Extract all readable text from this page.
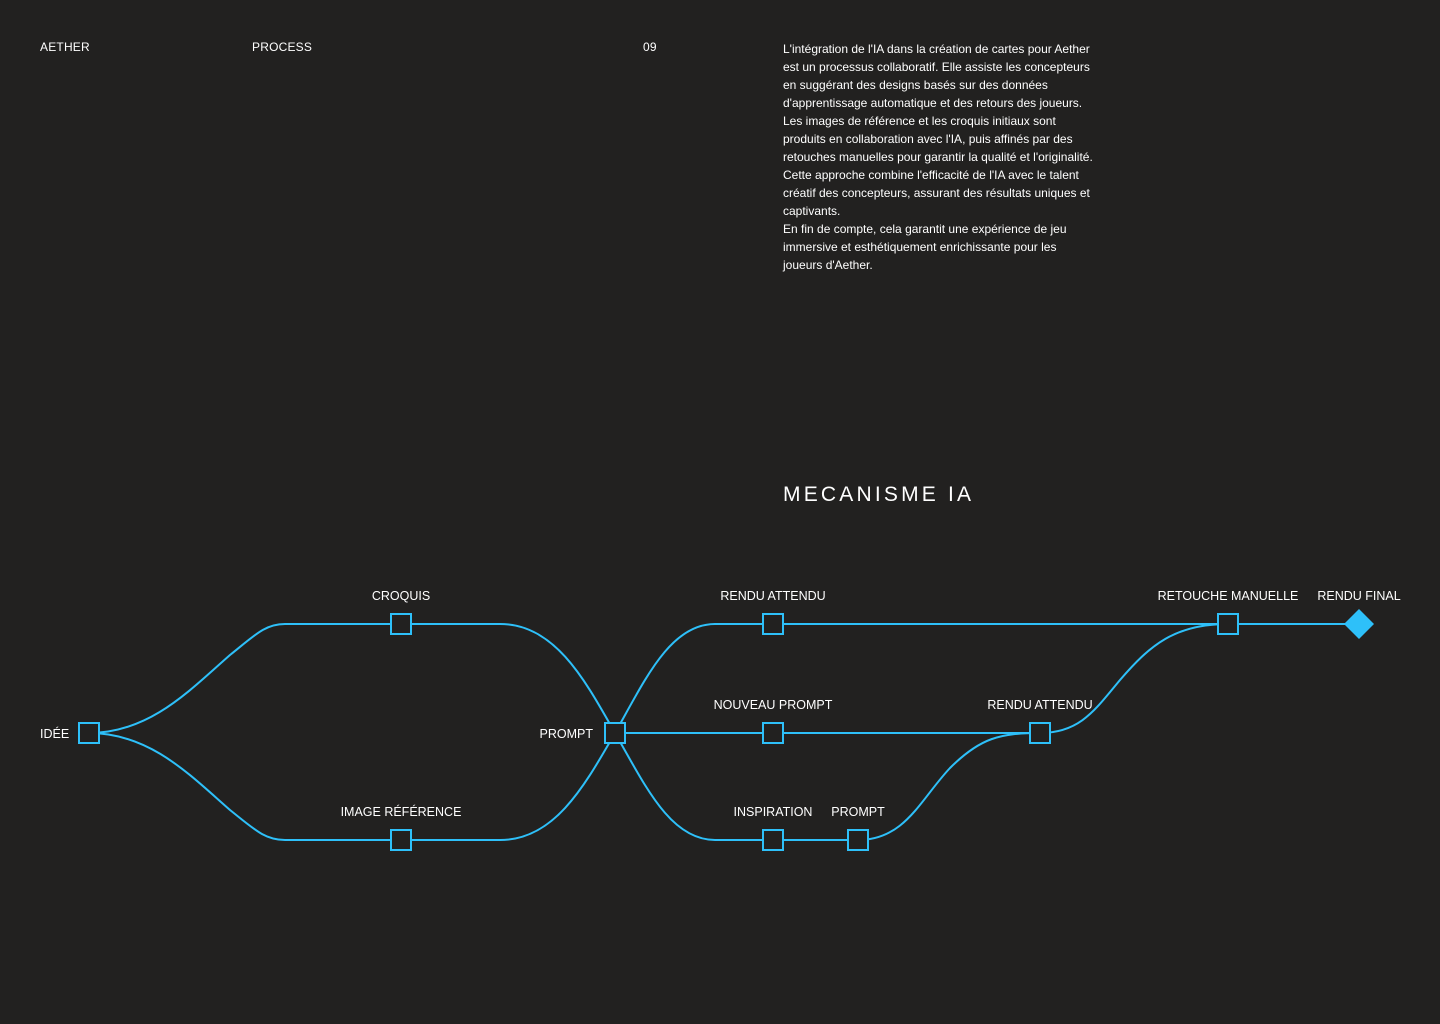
AETHER	PROCESS	09	L'intégration de l'IA dans la création de cartes pour Aether est un processus collaboratif. Elle assiste les concepteurs en suggérant des designs basés sur des données d'apprentissage automatique et des retours des joueurs.

Les images de référence et les croquis initiaux sont produits en collaboration avec l'IA, puis affinés par des retouches manuelles pour garantir la qualité et l'originalité.

Cette approche combine l'efficacité de l'IA avec le talent créatif des concepteurs, assurant des résultats uniques et captivants.

En fin de compte, cela garantit une expérience de jeu immersive et esthétiquement enrichissante pour les joueurs d'Aether.

MECANISME IA
IDÉE
CROQUIS
IMAGE RÉFÉRENCE
PROMPT
RENDU ATTENDU
NOUVEAU PROMPT
INSPIRATION PROMPT
RENDU ATTENDU
RETOUCHE MANUELLE RENDU FINAL
